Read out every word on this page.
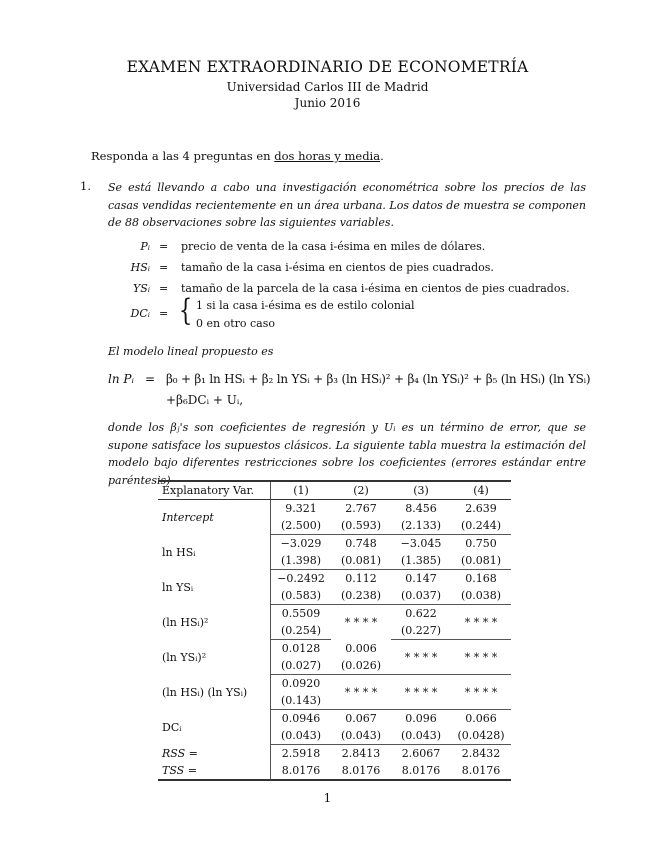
EXAMEN EXTRAORDINARIO DE ECONOMETRÍA
Universidad Carlos III de Madrid
Junio 2016
Responda a las 4 preguntas en dos horas y media.
1. Se está llevando a cabo una investigación econométrica sobre los precios de las casas vendidas recientemente en un área urbana. Los datos de muestra se componen de 88 observaciones sobre las siguientes variables.
Pᵢ = precio de venta de la casa i-ésima en miles de dólares.
HSᵢ = tamaño de la casa i-ésima en cientos de pies cuadrados.
YSᵢ = tamaño de la parcela de la casa i-ésima en cientos de pies cuadrados.
DCᵢ = { 1 si la casa i-ésima es de estilo colonial
0 en otro caso
El modelo lineal propuesto es
ln Pᵢ = β₀ + β₁ ln HSᵢ + β₂ ln YSᵢ + β₃ (ln HSᵢ)² + β₄ (ln YSᵢ)² + β₅ (ln HSᵢ) (ln YSᵢ)
+β₆DCᵢ + Uᵢ,
donde los βⱼ's son coeficientes de regresión y Uᵢ es un término de error, que se supone satisface los supuestos clásicos. La siguiente tabla muestra la estimación del modelo bajo diferentes restricciones sobre los coeficientes (errores estándar entre paréntesis)
Explanatory Var.	(1)	(2)	(3)	(4)
Intercept	9.321	2.767	8.456	2.639
	(2.500)	(0.593)	(2.133)	(0.244)
ln HSᵢ	−3.029	0.748	−3.045	0.750
	(1.398)	(0.081)	(1.385)	(0.081)
ln YSᵢ	−0.2492	0.112	0.147	0.168
	(0.583)	(0.238)	(0.037)	(0.038)
(ln HSᵢ)²	0.5509	* * * *	0.622	* * * *
	(0.254)		(0.227)	
(ln YSᵢ)²	0.0128	0.006	* * * *	* * * *
	(0.027)	(0.026)		
(ln HSᵢ) (ln YSᵢ)	0.0920	* * * *	* * * *	* * * *
	(0.143)			
DCᵢ	0.0946	0.067	0.096	0.066
	(0.043)	(0.043)	(0.043)	(0.0428)
RSS =	2.5918	2.8413	2.6067	2.8432
TSS =	8.0176	8.0176	8.0176	8.0176
1
